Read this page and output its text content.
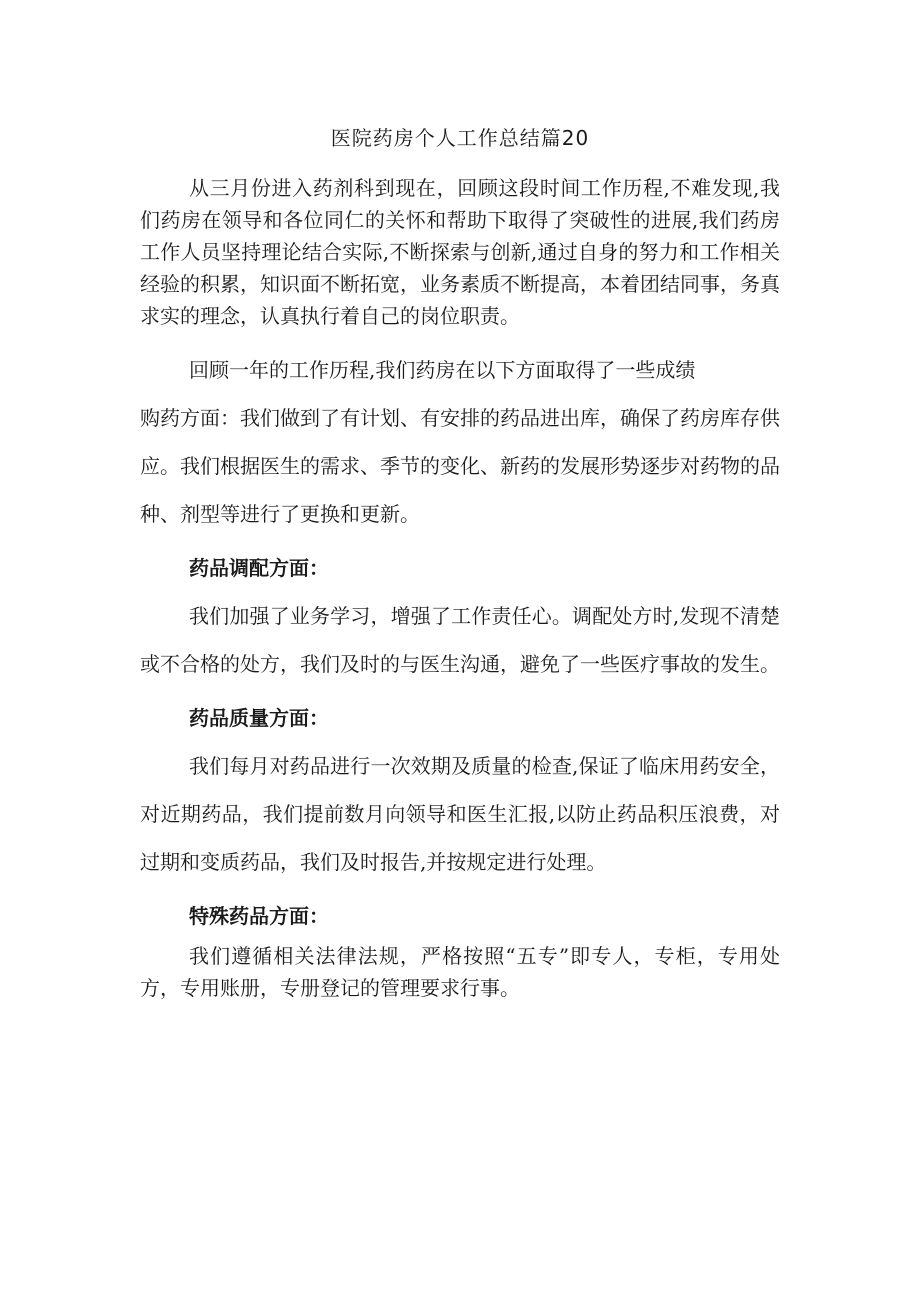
医院药房个人工作总结篇20

从三月份进入药剂科到现在，回顾这段时间工作历程,不难发现,我们药房在领导和各位同仁的关怀和帮助下取得了突破性的进展,我们药房工作人员坚持理论结合实际,不断探索与创新,通过自身的努力和工作相关经验的积累，知识面不断拓宽，业务素质不断提高，本着团结同事，务真求实的理念，认真执行着自己的岗位职责。

回顾一年的工作历程,我们药房在以下方面取得了一些成绩

购药方面：我们做到了有计划、有安排的药品进出库，确保了药房库存供应。我们根据医生的需求、季节的变化、新药的发展形势逐步对药物的品种、剂型等进行了更换和更新。

药品调配方面：

我们加强了业务学习，增强了工作责任心。调配处方时,发现不清楚或不合格的处方，我们及时的与医生沟通，避免了一些医疗事故的发生。

药品质量方面：

我们每月对药品进行一次效期及质量的检查,保证了临床用药安全，对近期药品，我们提前数月向领导和医生汇报,以防止药品积压浪费，对过期和变质药品，我们及时报告,并按规定进行处理。

特殊药品方面：

我们遵循相关法律法规，严格按照“五专”即专人，专柜，专用处方，专用账册，专册登记的管理要求行事。
